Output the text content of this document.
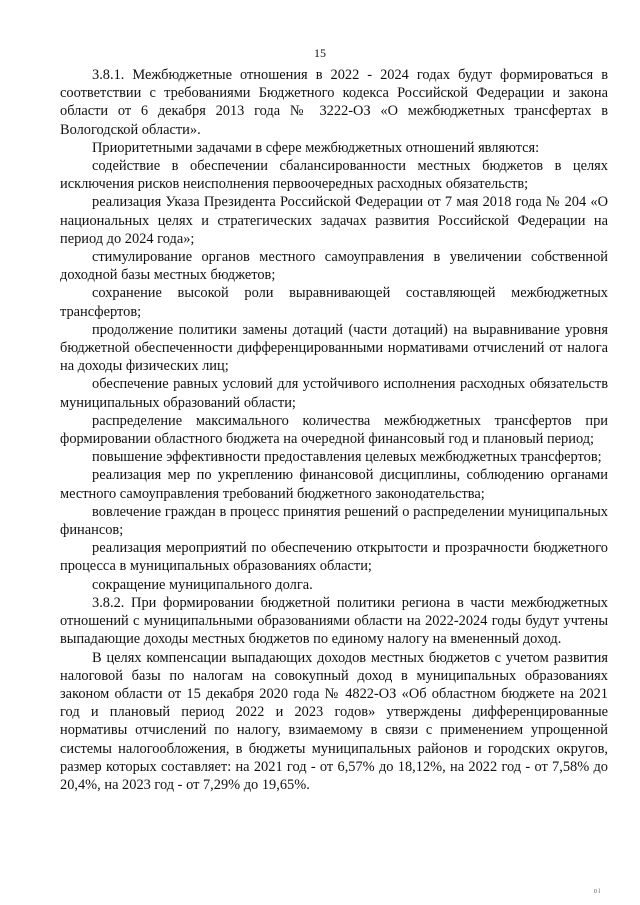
15

3.8.1. Межбюджетные отношения в 2022 - 2024 годах будут формироваться в соответствии с требованиями Бюджетного кодекса Российской Федерации и закона области от 6 декабря 2013 года № 3222-ОЗ «О межбюджетных трансфертах в Вологодской области».

Приоритетными задачами в сфере межбюджетных отношений являются:

содействие в обеспечении сбалансированности местных бюджетов в целях исключения рисков неисполнения первоочередных расходных обязательств;

реализация Указа Президента Российской Федерации от 7 мая 2018 года № 204 «О национальных целях и стратегических задачах развития Российской Федерации на период до 2024 года»;

стимулирование органов местного самоуправления в увеличении собственной доходной базы местных бюджетов;

сохранение высокой роли выравнивающей составляющей межбюджетных трансфертов;

продолжение политики замены дотаций (части дотаций) на выравнивание уровня бюджетной обеспеченности дифференцированными нормативами отчислений от налога на доходы физических лиц;

обеспечение равных условий для устойчивого исполнения расходных обязательств муниципальных образований области;

распределение максимального количества межбюджетных трансфертов при формировании областного бюджета на очередной финансовый год и плановый период;

повышение эффективности предоставления целевых межбюджетных трансфертов;

реализация мер по укреплению финансовой дисциплины, соблюдению органами местного самоуправления требований бюджетного законодательства;

вовлечение граждан в процесс принятия решений о распределении муниципальных финансов;

реализация мероприятий по обеспечению открытости и прозрачности бюджетного процесса в муниципальных образованиях области;

сокращение муниципального долга.

3.8.2. При формировании бюджетной политики региона в части межбюджетных отношений с муниципальными образованиями области на 2022-2024 годы будут учтены выпадающие доходы местных бюджетов по единому налогу на вмененный доход.

В целях компенсации выпадающих доходов местных бюджетов с учетом развития налоговой базы по налогам на совокупный доход в муниципальных образованиях законом области от 15 декабря 2020 года № 4822-ОЗ «Об областном бюджете на 2021 год и плановый период 2022 и 2023 годов» утверждены дифференцированные нормативы отчислений по налогу, взимаемому в связи с применением упрощенной системы налогообложения, в бюджеты муниципальных районов и городских округов, размер которых составляет: на 2021 год - от 6,57% до 18,12%, на 2022 год - от 7,58% до 20,4%, на 2023 год - от 7,29% до 19,65%.

0 l
